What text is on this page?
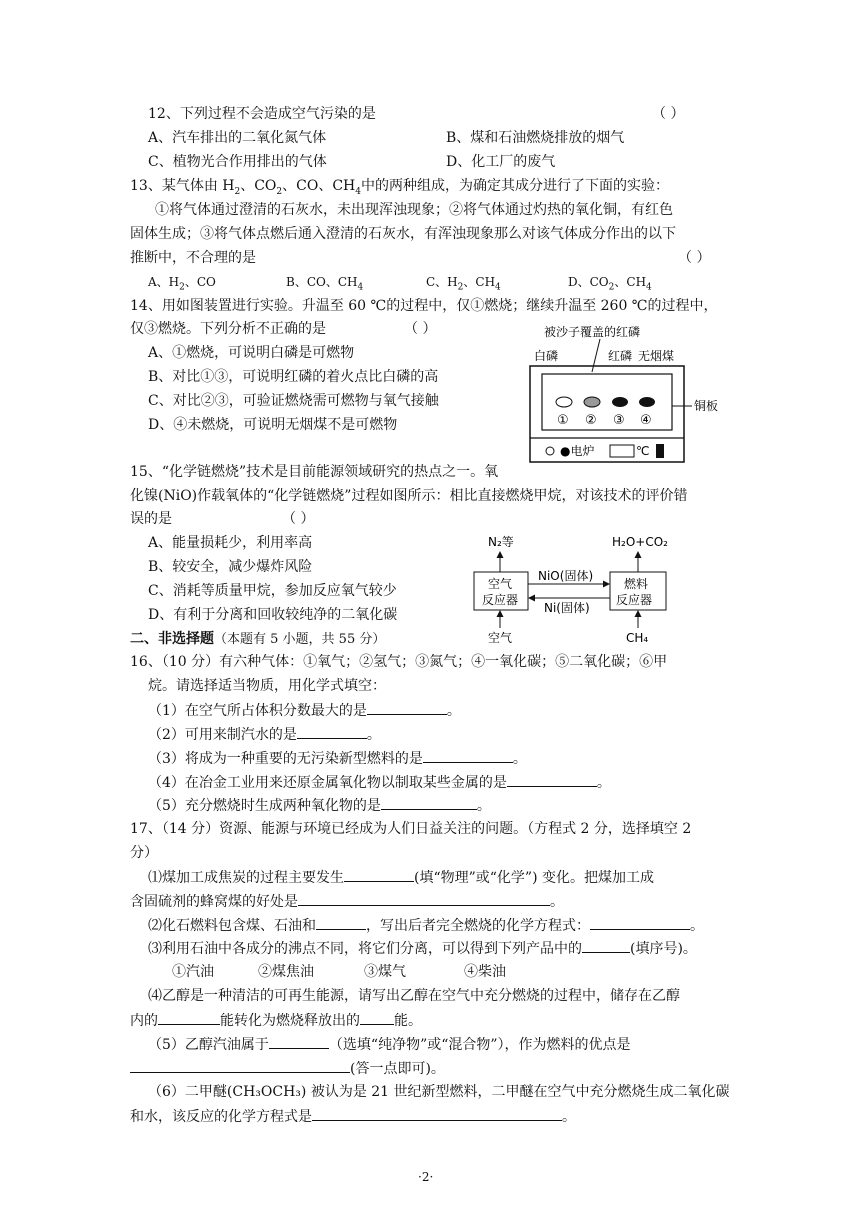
12、下列过程不会造成空气污染的是	（ ）
A、汽车排出的二氧化氮气体	B、煤和石油燃烧排放的烟气
C、植物光合作用排出的气体	D、化工厂的废气
13、某气体由 $H_2$、$CO_2$、CO、$CH_4$中的两种组成，为确定其成分进行了下面的实验：
①将气体通过澄清的石灰水，未出现浑浊现象；②将气体通过灼热的氧化铜，有红色
固体生成；③将气体点燃后通入澄清的石灰水，有浑浊现象那么对该气体成分作出的以下
推断中，不合理的是	（ ）
A、$H_2$、CO	B、CO、$CH_4$	C、$H_2$、$CH_4$	D、$CO_2$、$CH_4$
14、用如图装置进行实验。升温至 60 ℃的过程中，仅①燃烧；继续升温至 260 ℃的过程中，
仅③燃烧。下列分析不正确的是	（ ）
A、①燃烧，可说明白磷是可燃物
B、对比①③，可说明红磷的着火点比白磷的高
C、对比②③，可验证燃烧需可燃物与氧气接触
D、④未燃烧，可说明无烟煤不是可燃物
被沙子覆盖的红磷
白磷	红磷 无烟煤
① ② ③ ④
铜板
●电炉	℃
15、“化学链燃烧”技术是目前能源领域研究的热点之一。氧
化镍(NiO)作载氧体的“化学链燃烧”过程如图所示：相比直接燃烧甲烷，对该技术的评价错
误的是	（ ）
A、能量损耗少，利用率高
B、较安全，减少爆炸风险
C、消耗等质量甲烷，参加反应氧气较少
D、有利于分离和回收较纯净的二氧化碳
N₂等	H₂O+CO₂
空气
反应器
燃料
反应器
NiO(固体)
Ni(固体)
空气	CH₄
二、非选择题（本题有 5 小题，共 55 分）
16、（10 分）有六种气体：①氧气；②氢气；③氮气；④一氧化碳；⑤二氧化碳；⑥甲
烷。请选择适当物质，用化学式填空：
（1）在空气所占体积分数最大的是	。
（2）可用来制汽水的是	。
（3）将成为一种重要的无污染新型燃料的是	。
（4）在冶金工业用来还原金属氧化物以制取某些金属的是	。
（5）充分燃烧时生成两种氧化物的是	。
17、（14 分）资源、能源与环境已经成为人们日益关注的问题。（方程式 2 分，选择填空 2
分）
⑴煤加工成焦炭的过程主要发生	(填“物理”或“化学”) 变化。把煤加工成
含固硫剂的蜂窝煤的好处是	。
⑵化石燃料包含煤、石油和	，写出后者完全燃烧的化学方程式：	。
⑶利用石油中各成分的沸点不同，将它们分离，可以得到下列产品中的	(填序号)。
①汽油	②煤焦油	③煤气	④柴油
⑷乙醇是一种清洁的可再生能源，请写出乙醇在空气中充分燃烧的过程中，储存在乙醇
内的	能转化为燃烧释放出的 能。
（5）乙醇汽油属于	（选填“纯净物”或“混合物”），作为燃料的优点是
(答一点即可)。
（6）二甲醚(CH₃OCH₃) 被认为是 21 世纪新型燃料，二甲醚在空气中充分燃烧生成二氧化碳
和水，该反应的化学方程式是	。
·2·
